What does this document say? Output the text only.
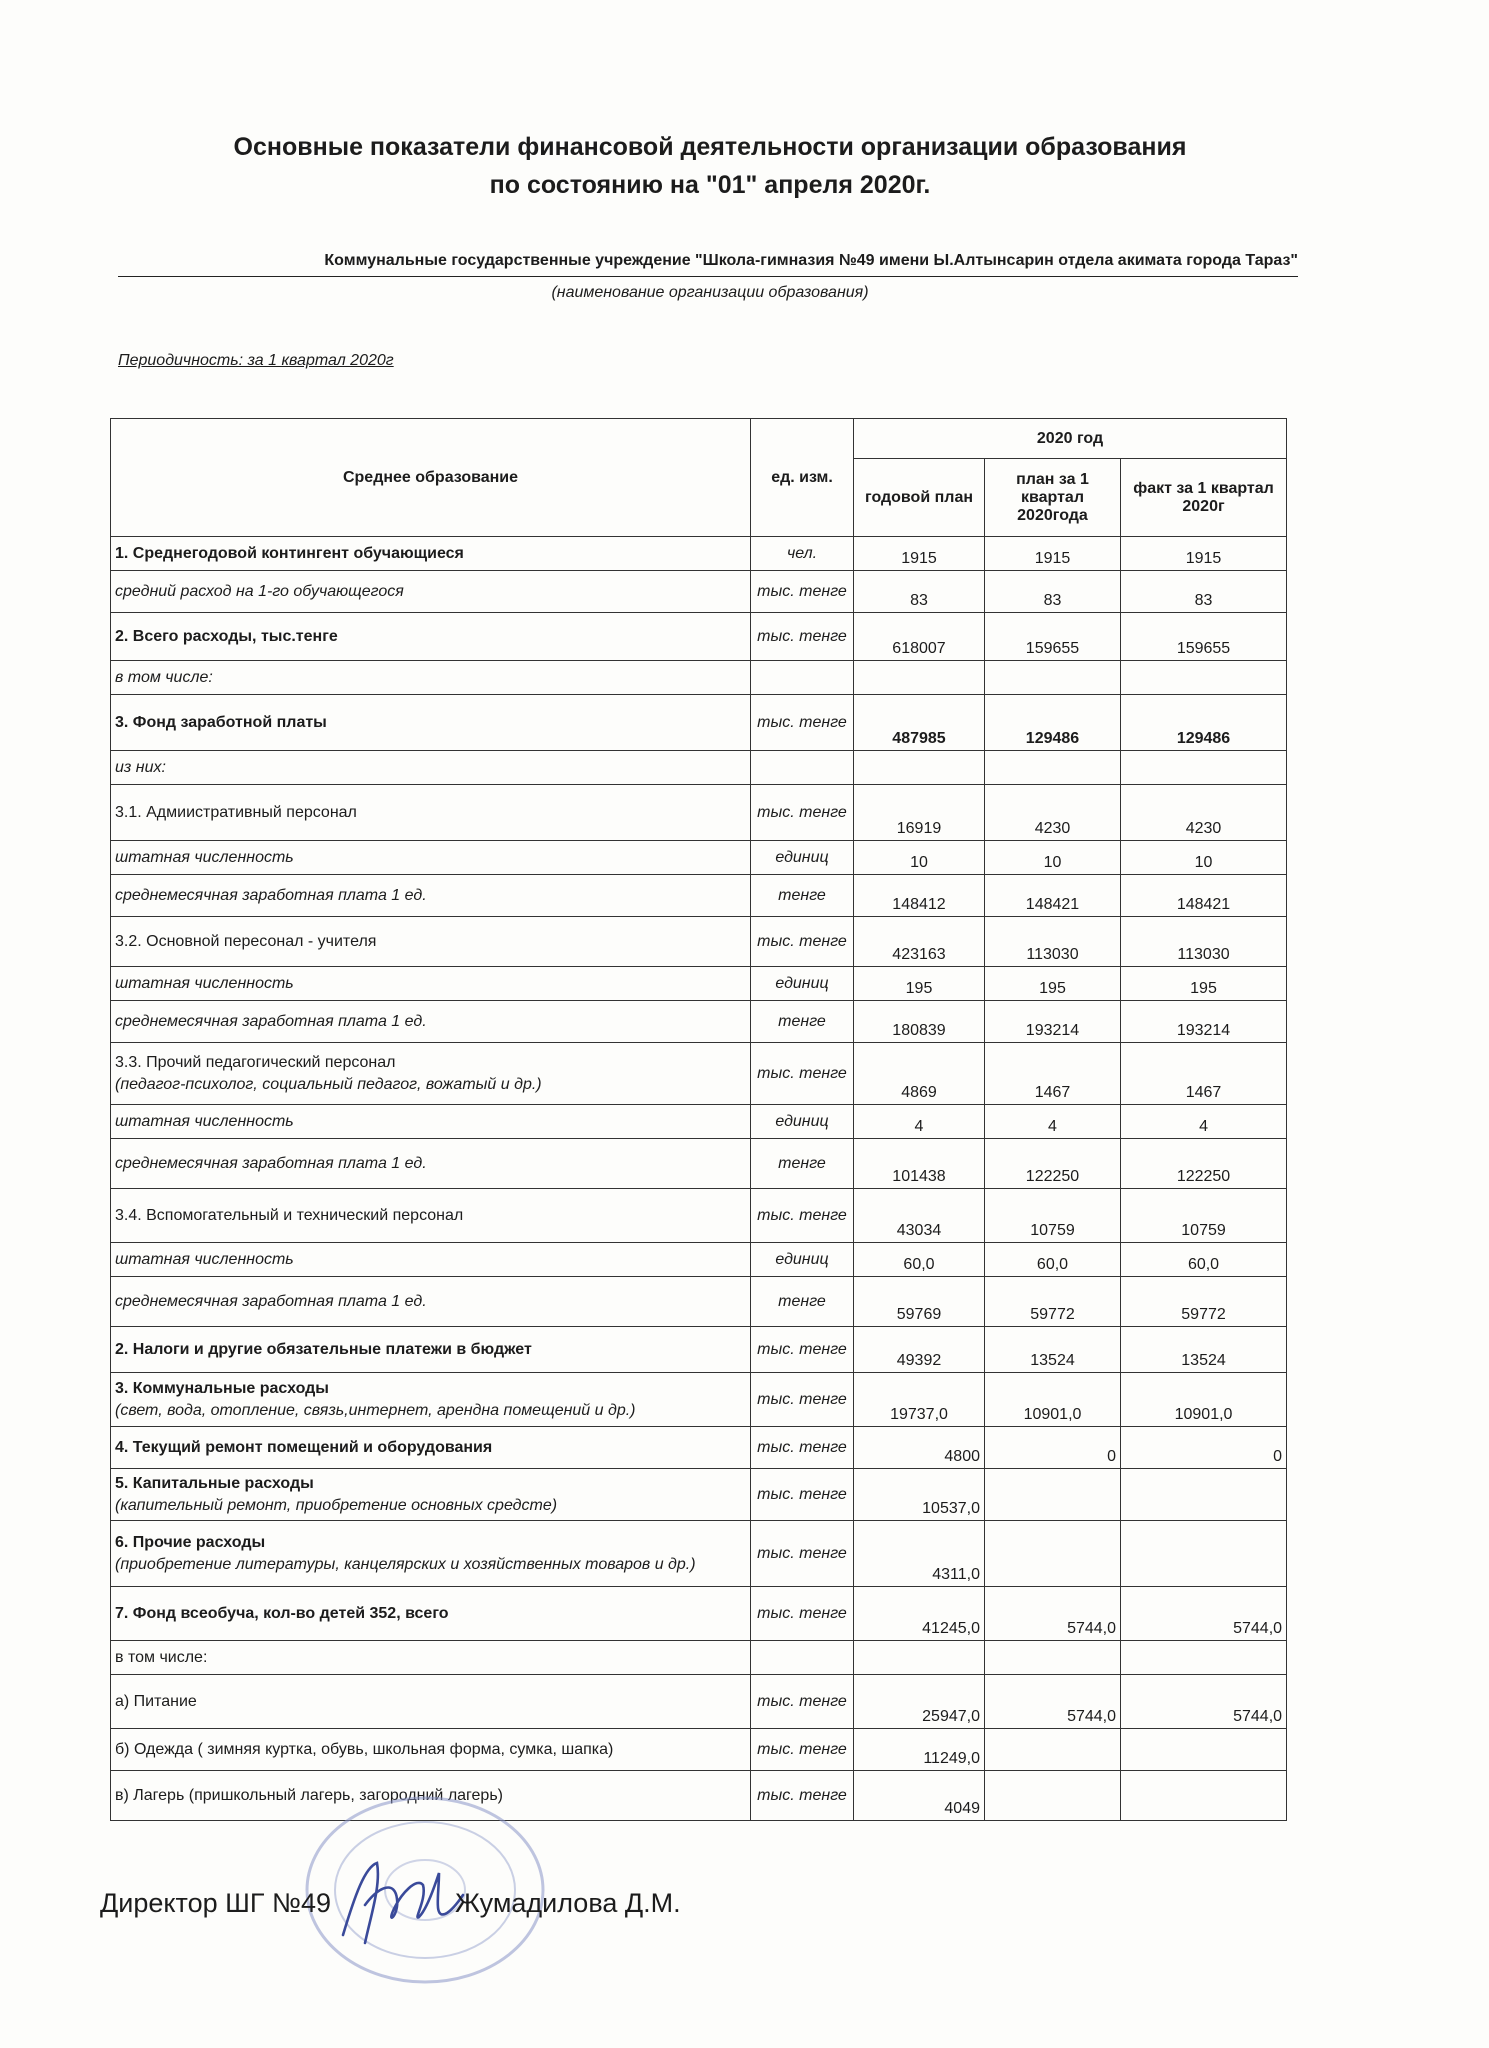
Основные показатели финансовой деятельности организации образования
по состоянию на "01" апреля 2020г.
Коммунальные государственные учреждение "Школа-гимназия №49 имени Ы.Алтынсарин отдела акимата города Тараз"
(наименование организации образования)
Периодичность: за 1 квартал 2020г
Среднее образование	ед. изм.	2020 год		
		годовой план	план за 1 квартал 2020года	факт за 1 квартал 2020г

1. Среднегодовой контингент обучающиеся	чел.	1915	1915	1915

средний расход на 1-го обучающегося	тыс. тенге	83	83	83

2. Всего расходы, тыс.тенге	тыс. тенге	618007	159655	159655

в том числе:				

3. Фонд заработной платы	тыс. тенге	487985	129486	129486

из них:				

3.1. Адмиистративный персонал	тыс. тенге	16919	4230	4230

штатная численность	единиц	10	10	10

среднемесячная заработная плата 1 ед.	тенге	148412	148421	148421

3.2. Основной пересонал - учителя	тыс. тенге	423163	113030	113030

штатная численность	единиц	195	195	195

среднемесячная заработная плата 1 ед.	тенге	180839	193214	193214

3.3. Прочий педагогический персонал
(педагог-психолог, социальный педагог, вожатый и др.)	тыс. тенге	4869	1467	1467

штатная численность	единиц	4	4	4

среднемесячная заработная плата 1 ед.	тенге	101438	122250	122250

3.4. Вспомогательный и технический персонал	тыс. тенге	43034	10759	10759

штатная численность	единиц	60,0	60,0	60,0

среднемесячная заработная плата 1 ед.	тенге	59769	59772	59772

2. Налоги и другие обязательные платежи в бюджет	тыс. тенге	49392	13524	13524

3. Коммунальные расходы
(свет, вода, отопление, связь,интернет, арендна помещений и др.)	тыс. тенге	19737,0	10901,0	10901,0

4. Текущий ремонт помещений и оборудования	тыс. тенге	4800	0	0

5. Капитальные расходы
(капительный ремонт, приобретение основных средсте)	тыс. тенге	10537,0		

6. Прочие расходы
(приобретение литературы, канцелярских и хозяйственных товаров и др.)	тыс. тенге	4311,0		

7. Фонд всеобуча, кол-во детей 352, всего	тыс. тенге	41245,0	5744,0	5744,0

в том числе:				

а) Питание	тыс. тенге	25947,0	5744,0	5744,0

б) Одежда ( зимняя куртка, обувь, школьная форма, сумка, шапка)	тыс. тенге	11249,0		

в) Лагерь (пришкольный лагерь, загородний лагерь)	тыс. тенге	4049		
Директор ШГ №49	Жумадилова Д.М.
